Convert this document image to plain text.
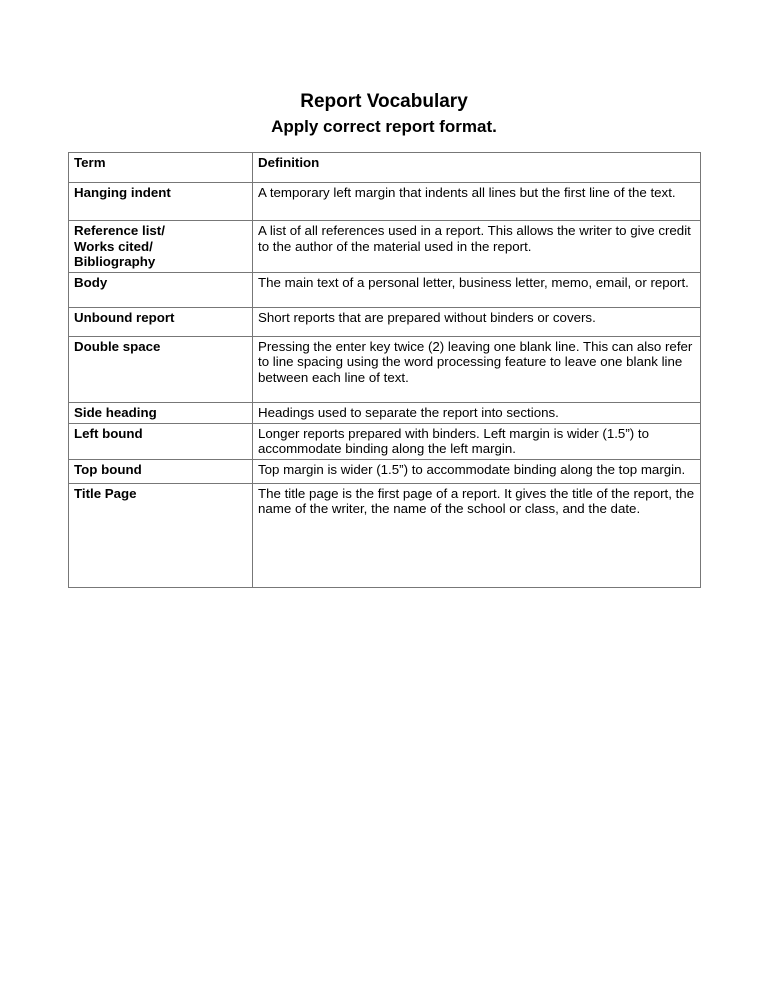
Report Vocabulary
Apply correct report format.
Term	Definition
Hanging indent	A temporary left margin that indents all lines but the first line of the text.
Reference list/
Works cited/
Bibliography	A list of all references used in a report. This allows the writer to give credit to the author of the material used in the report.
Body	The main text of a personal letter, business letter, memo, email, or report.
Unbound report	Short reports that are prepared without binders or covers.
Double space	Pressing the enter key twice (2) leaving one blank line. This can also refer to line spacing using the word processing feature to leave one blank line between each line of text.
Side heading	Headings used to separate the report into sections.
Left bound	Longer reports prepared with binders. Left margin is wider (1.5”) to accommodate binding along the left margin.
Top bound	Top margin is wider (1.5”) to accommodate binding along the top margin.
Title Page	The title page is the first page of a report. It gives the title of the report, the name of the writer, the name of the school or class, and the date.
